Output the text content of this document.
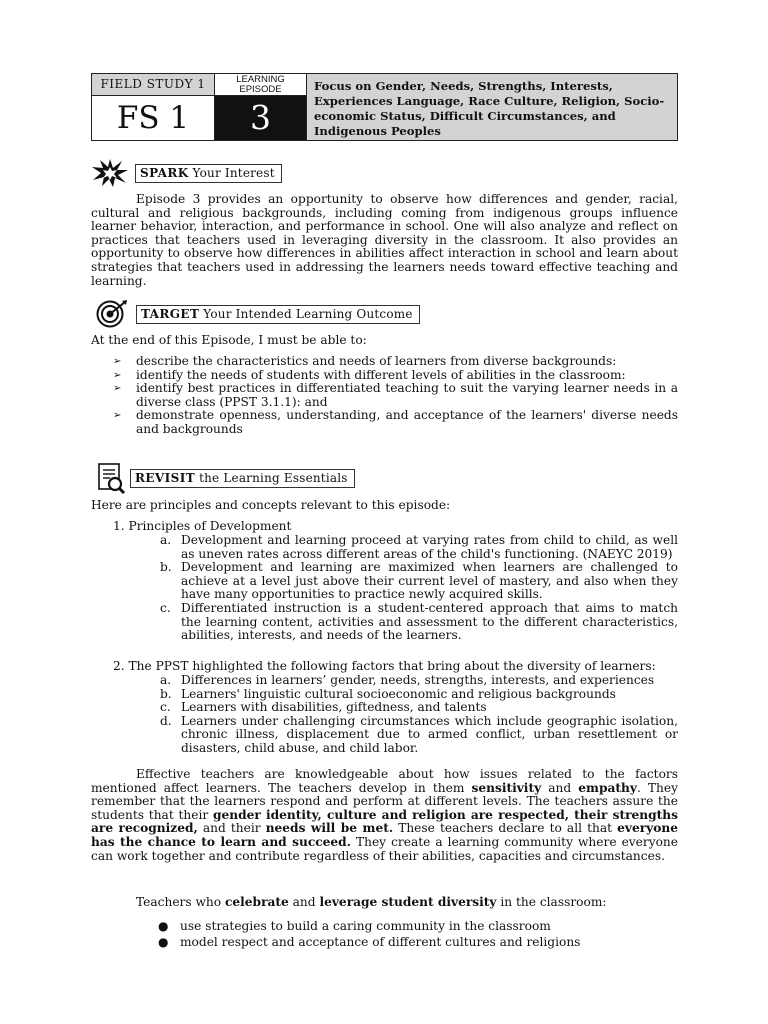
FIELD STUDY 1
FS 1
LEARNING EPISODE
3
Focus on Gender, Needs, Strengths, Interests, Experiences Language, Race Culture, Religion, Socio-economic Status, Difficult Circumstances, and Indigenous Peoples
SPARK Your Interest

Episode 3 provides an opportunity to observe how differences and gender, racial, cultural and religious backgrounds, including coming from indigenous groups influence learner behavior, interaction, and performance in school. One will also analyze and reflect on practices that teachers used in leveraging diversity in the classroom. It also provides an opportunity to observe how differences in abilities affect interaction in school and learn about strategies that teachers used in addressing the learners needs toward effective teaching and learning.

TARGET Your Intended Learning Outcome

At the end of this Episode, I must be able to:

➢ describe the characteristics and needs of learners from diverse backgrounds:
➢ identify the needs of students with different levels of abilities in the classroom:
➢ identify best practices in differentiated teaching to suit the varying learner needs in a diverse class (PPST 3.1.1): and
➢ demonstrate openness, understanding, and acceptance of the learners' diverse needs and backgrounds
REVISIT the Learning Essentials

Here are principles and concepts relevant to this episode:

1. Principles of Development

a. Development and learning proceed at varying rates from child to child, as well as uneven rates across different areas of the child's functioning. (NAEYC 2019)
b. Development and learning are maximized when learners are challenged to achieve at a level just above their current level of mastery, and also when they have many opportunities to practice newly acquired skills.
c. Differentiated instruction is a student-centered approach that aims to match the learning content, activities and assessment to the different characteristics, abilities, interests, and needs of the learners.

2. The PPST highlighted the following factors that bring about the diversity of learners:

a. Differences in learners’ gender, needs, strengths, interests, and experiences
b. Learners' linguistic cultural socioeconomic and religious backgrounds
c. Learners with disabilities, giftedness, and talents
d. Learners under challenging circumstances which include geographic isolation, chronic illness, displacement due to armed conflict, urban resettlement or disasters, child abuse, and child labor.

Effective teachers are knowledgeable about how issues related to the factors mentioned affect learners. The teachers develop in them sensitivity and empathy. They remember that the learners respond and perform at different levels. The teachers assure the students that their gender identity, culture and religion are respected, their strengths are recognized, and their needs will be met. These teachers declare to all that everyone has the chance to learn and succeed. They create a learning community where everyone can work together and contribute regardless of their abilities, capacities and circumstances.

Teachers who celebrate and leverage student diversity in the classroom:

● use strategies to build a caring community in the classroom
● model respect and acceptance of different cultures and religions
